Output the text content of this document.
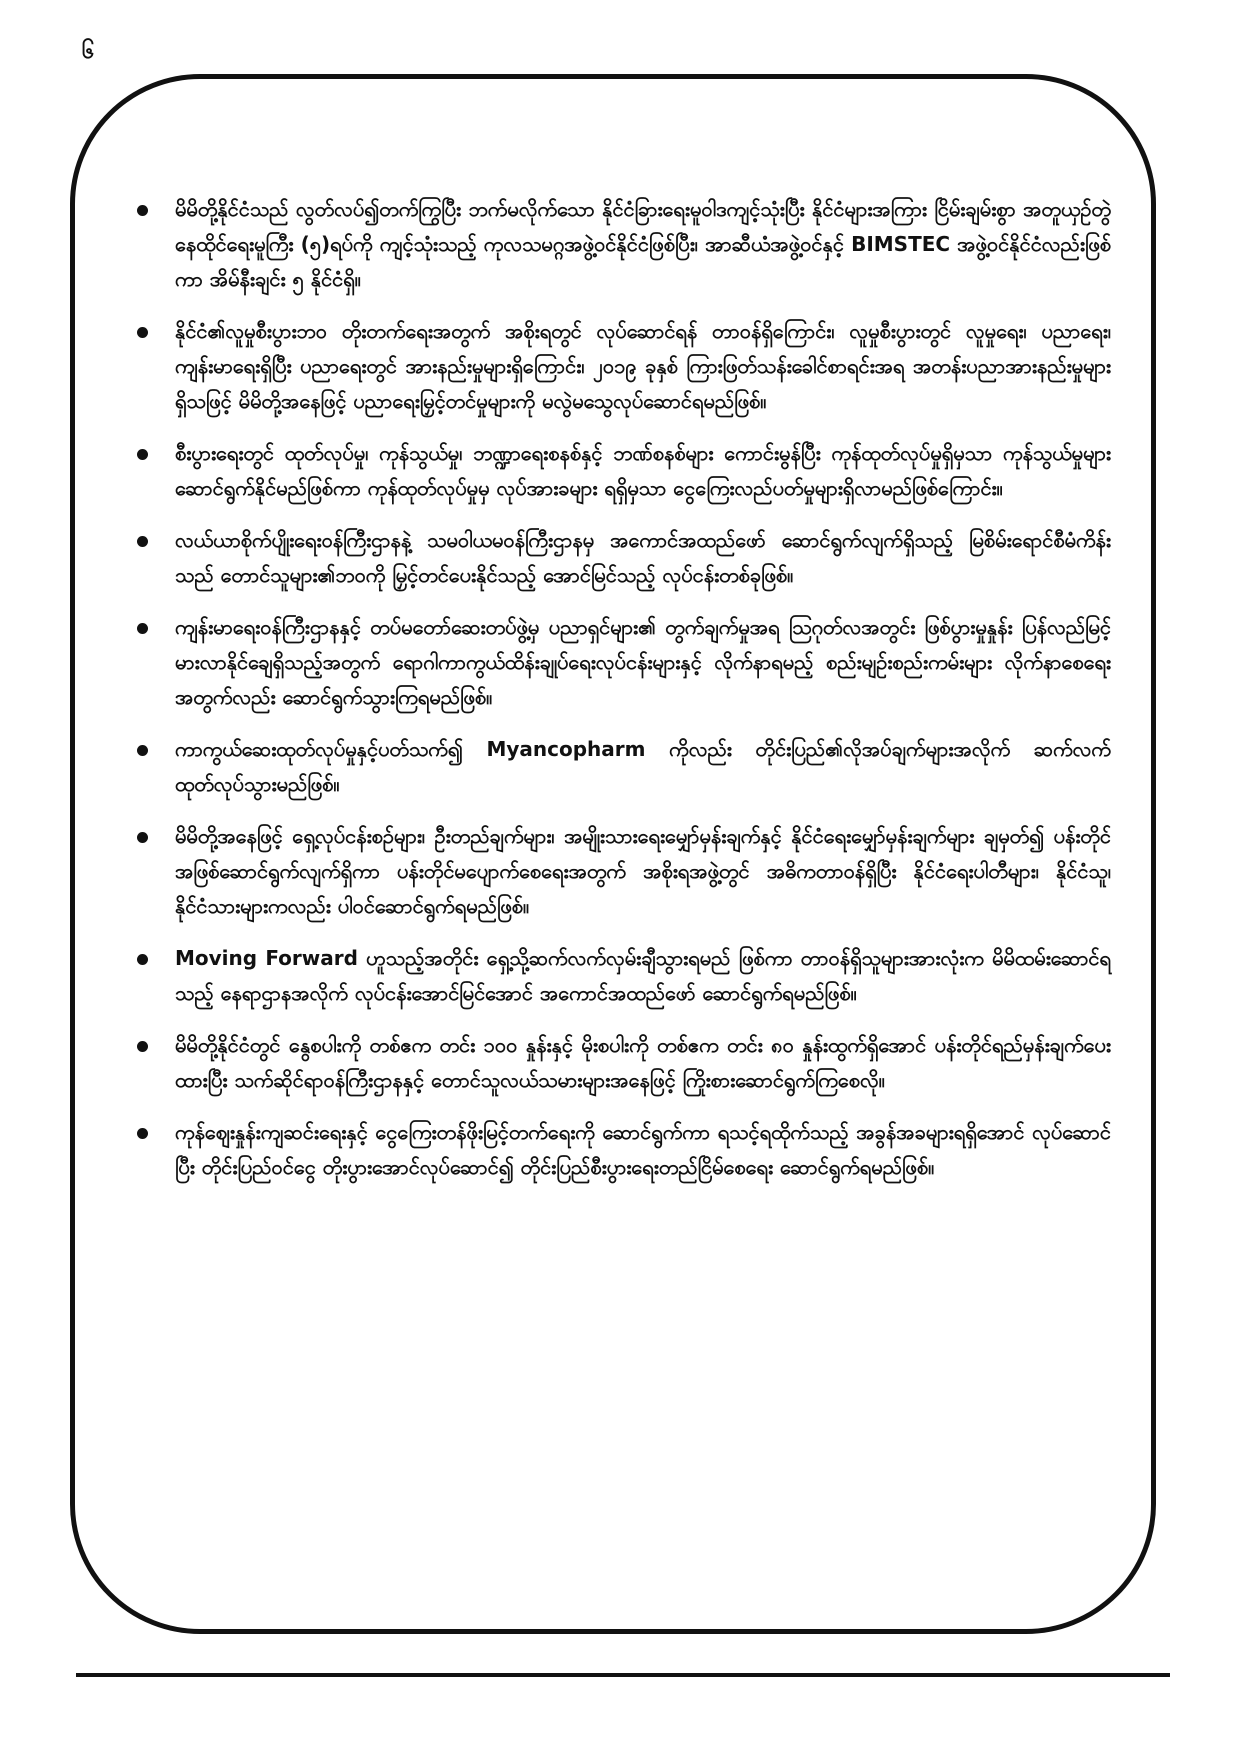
၆
မိမိတို့နိုင်ငံသည် လွတ်လပ်၍တက်ကြွပြီး ဘက်မလိုက်သော နိုင်ငံခြားရေးမူဝါဒကျင့်သုံးပြီး နိုင်ငံများအကြား ငြိမ်းချမ်းစွာ အတူယှဉ်တွဲနေထိုင်ရေးမူကြီး (၅)ရပ်ကို ကျင့်သုံးသည့် ကုလသမဂ္ဂအဖွဲ့ဝင်နိုင်ငံဖြစ်ပြီး၊ အာဆီယံအဖွဲ့ဝင်နှင့် BIMSTEC အဖွဲ့ဝင်နိုင်ငံလည်းဖြစ်ကာ အိမ်နီးချင်း ၅ နိုင်ငံရှိ။
နိုင်ငံ၏လူမှုစီးပွားဘဝ တိုးတက်ရေးအတွက် အစိုးရတွင် လုပ်ဆောင်ရန် တာဝန်ရှိကြောင်း၊ လူမှုစီးပွားတွင် လူမှုရေး၊ ပညာရေး၊ ကျန်းမာရေးရှိပြီး ပညာရေးတွင် အားနည်းမှုများရှိကြောင်း၊ ၂၀၁၉ ခုနှစ် ကြားဖြတ်သန်းခေါင်စာရင်းအရ အတန်းပညာအားနည်းမှုများရှိသဖြင့် မိမိတို့အနေဖြင့် ပညာရေးမြှင့်တင်မှုများကို မလွဲမသွေလုပ်ဆောင်ရမည်ဖြစ်။
စီးပွားရေးတွင် ထုတ်လုပ်မှု၊ ကုန်သွယ်မှု၊ ဘဏ္ဍာရေးစနစ်နှင့် ဘဏ်စနစ်များ ကောင်းမွန်ပြီး ကုန်ထုတ်လုပ်မှုရှိမှသာ ကုန်သွယ်မှုများဆောင်ရွက်နိုင်မည်ဖြစ်ကာ ကုန်ထုတ်လုပ်မှုမှ လုပ်အားခများ ရရှိမှသာ ငွေကြေးလည်ပတ်မှုများရှိလာမည်ဖြစ်ကြောင်း။
လယ်ယာစိုက်ပျိုးရေးဝန်ကြီးဌာနနဲ့ သမဝါယမဝန်ကြီးဌာနမှ အကောင်အထည်ဖော် ဆောင်ရွက်လျက်ရှိသည့် မြစိမ်းရောင်စီမံကိန်းသည် တောင်သူများ၏ဘဝကို မြှင့်တင်ပေးနိုင်သည့် အောင်မြင်သည့် လုပ်ငန်းတစ်ခုဖြစ်။
ကျန်းမာရေးဝန်ကြီးဌာနနှင့် တပ်မတော်ဆေးတပ်ဖွဲ့မှ ပညာရှင်များ၏ တွက်ချက်မှုအရ ဩဂုတ်လအတွင်း ဖြစ်ပွားမှုနှုန်း ပြန်လည်မြင့်မားလာနိုင်ချေရှိသည့်အတွက် ရောဂါကာကွယ်ထိန်းချုပ်ရေးလုပ်ငန်းများနှင့် လိုက်နာရမည့် စည်းမျဉ်းစည်းကမ်းများ လိုက်နာစေရေးအတွက်လည်း ဆောင်ရွက်သွားကြရမည်ဖြစ်။
ကာကွယ်ဆေးထုတ်လုပ်မှုနှင့်ပတ်သက်၍ Myancopharm ကိုလည်း တိုင်းပြည်၏လိုအပ်ချက်များအလိုက် ဆက်လက်ထုတ်လုပ်သွားမည်ဖြစ်။
မိမိတို့အနေဖြင့် ရှေ့လုပ်ငန်းစဉ်များ၊ ဦးတည်ချက်များ၊ အမျိုးသားရေးမျှော်မှန်းချက်နှင့် နိုင်ငံရေးမျှော်မှန်းချက်များ ချမှတ်၍ ပန်းတိုင်အဖြစ်ဆောင်ရွက်လျက်ရှိကာ ပန်းတိုင်မပျောက်စေရေးအတွက် အစိုးရအဖွဲ့တွင် အဓိကတာဝန်ရှိပြီး နိုင်ငံရေးပါတီများ၊ နိုင်ငံသူ၊ နိုင်ငံသားများကလည်း ပါဝင်ဆောင်ရွက်ရမည်ဖြစ်။
Moving Forward ဟူသည့်အတိုင်း ရှေ့သို့ဆက်လက်လှမ်းချီသွားရမည် ဖြစ်ကာ တာဝန်ရှိသူများအားလုံးက မိမိထမ်းဆောင်ရသည့် နေရာဌာနအလိုက် လုပ်ငန်းအောင်မြင်အောင် အကောင်အထည်ဖော် ဆောင်ရွက်ရမည်ဖြစ်။
မိမိတို့နိုင်ငံတွင် နွေစပါးကို တစ်ဧက တင်း ၁၀၀ နှုန်းနှင့် မိုးစပါးကို တစ်ဧက တင်း ၈၀ နှုန်းထွက်ရှိအောင် ပန်းတိုင်ရည်မှန်းချက်ပေးထားပြီး သက်ဆိုင်ရာဝန်ကြီးဌာနနှင့် တောင်သူလယ်သမားများအနေဖြင့် ကြိုးစားဆောင်ရွက်ကြစေလို။
ကုန်ဈေးနှုန်းကျဆင်းရေးနှင့် ငွေကြေးတန်ဖိုးမြင့်တက်ရေးကို ဆောင်ရွက်ကာ ရသင့်ရထိုက်သည့် အခွန်အခများရရှိအောင် လုပ်ဆောင်ပြီး တိုင်းပြည်ဝင်ငွေ တိုးပွားအောင်လုပ်ဆောင်၍ တိုင်းပြည်စီးပွားရေးတည်ငြိမ်စေရေး ဆောင်ရွက်ရမည်ဖြစ်။
